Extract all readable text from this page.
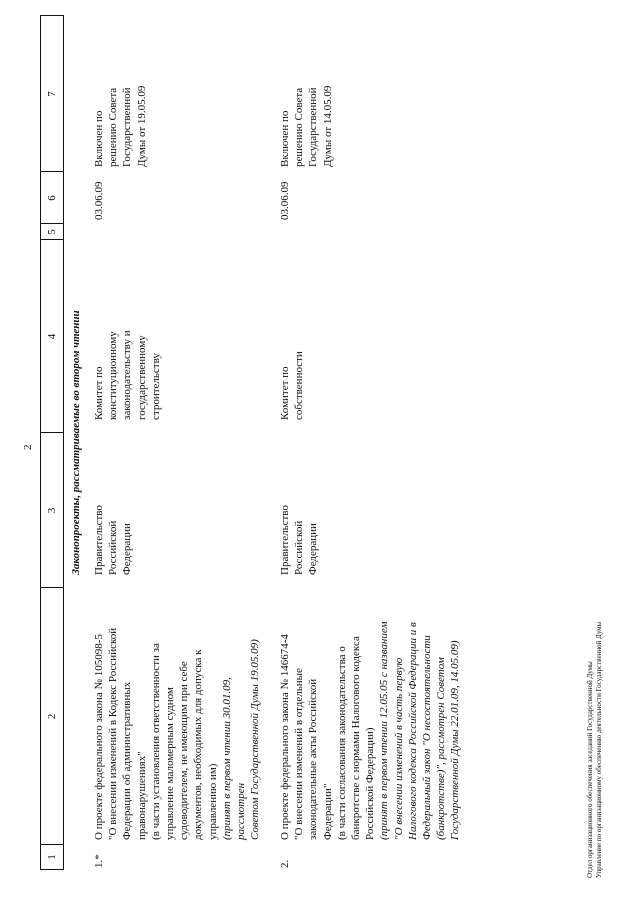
2
1
2
3
4
5
6
7
Законопроекты, рассматриваемые во втором чтении
1.*
О проекте федерального закона № 105098-5 "О внесении изменений в Кодекс Российской Федерации об административных правонарушениях" (в части установления ответственности за управление маломерным судном судоводителем, не имеющим при себе документов, необходимых для допуска к управлению им) (принят в первом чтении 30.01.09, рассмотрен Советом Государственной Думы 19.05.09)
Правительство Российской Федерации
Комитет по конституционному законодательству и государственному строительству
03.06.09
Включен по решению Совета Государственной Думы от 19.05.09
2.
О проекте федерального закона № 146674-4 "О внесении изменений в отдельные законодательные акты Российской Федерации" (в части согласования законодательства о банкротстве с нормами Налогового кодекса Российской Федерации) (принят в первом чтении 12.05.05 с названием "О внесении изменений в часть первую Налогового кодекса Российской Федерации и в Федеральный закон "О несостоятельности (банкротстве)", рассмотрен Советом Государственной Думы 22.01.09, 14.05.09)
Правительство Российской Федерации
Комитет по собственности
03.06.09
Включен по решению Совета Государственной Думы от 14.05.09
Отдел организационного обеспечения заседаний Государственной Думы Управление по организационному обеспечению деятельности Государственной Думы
